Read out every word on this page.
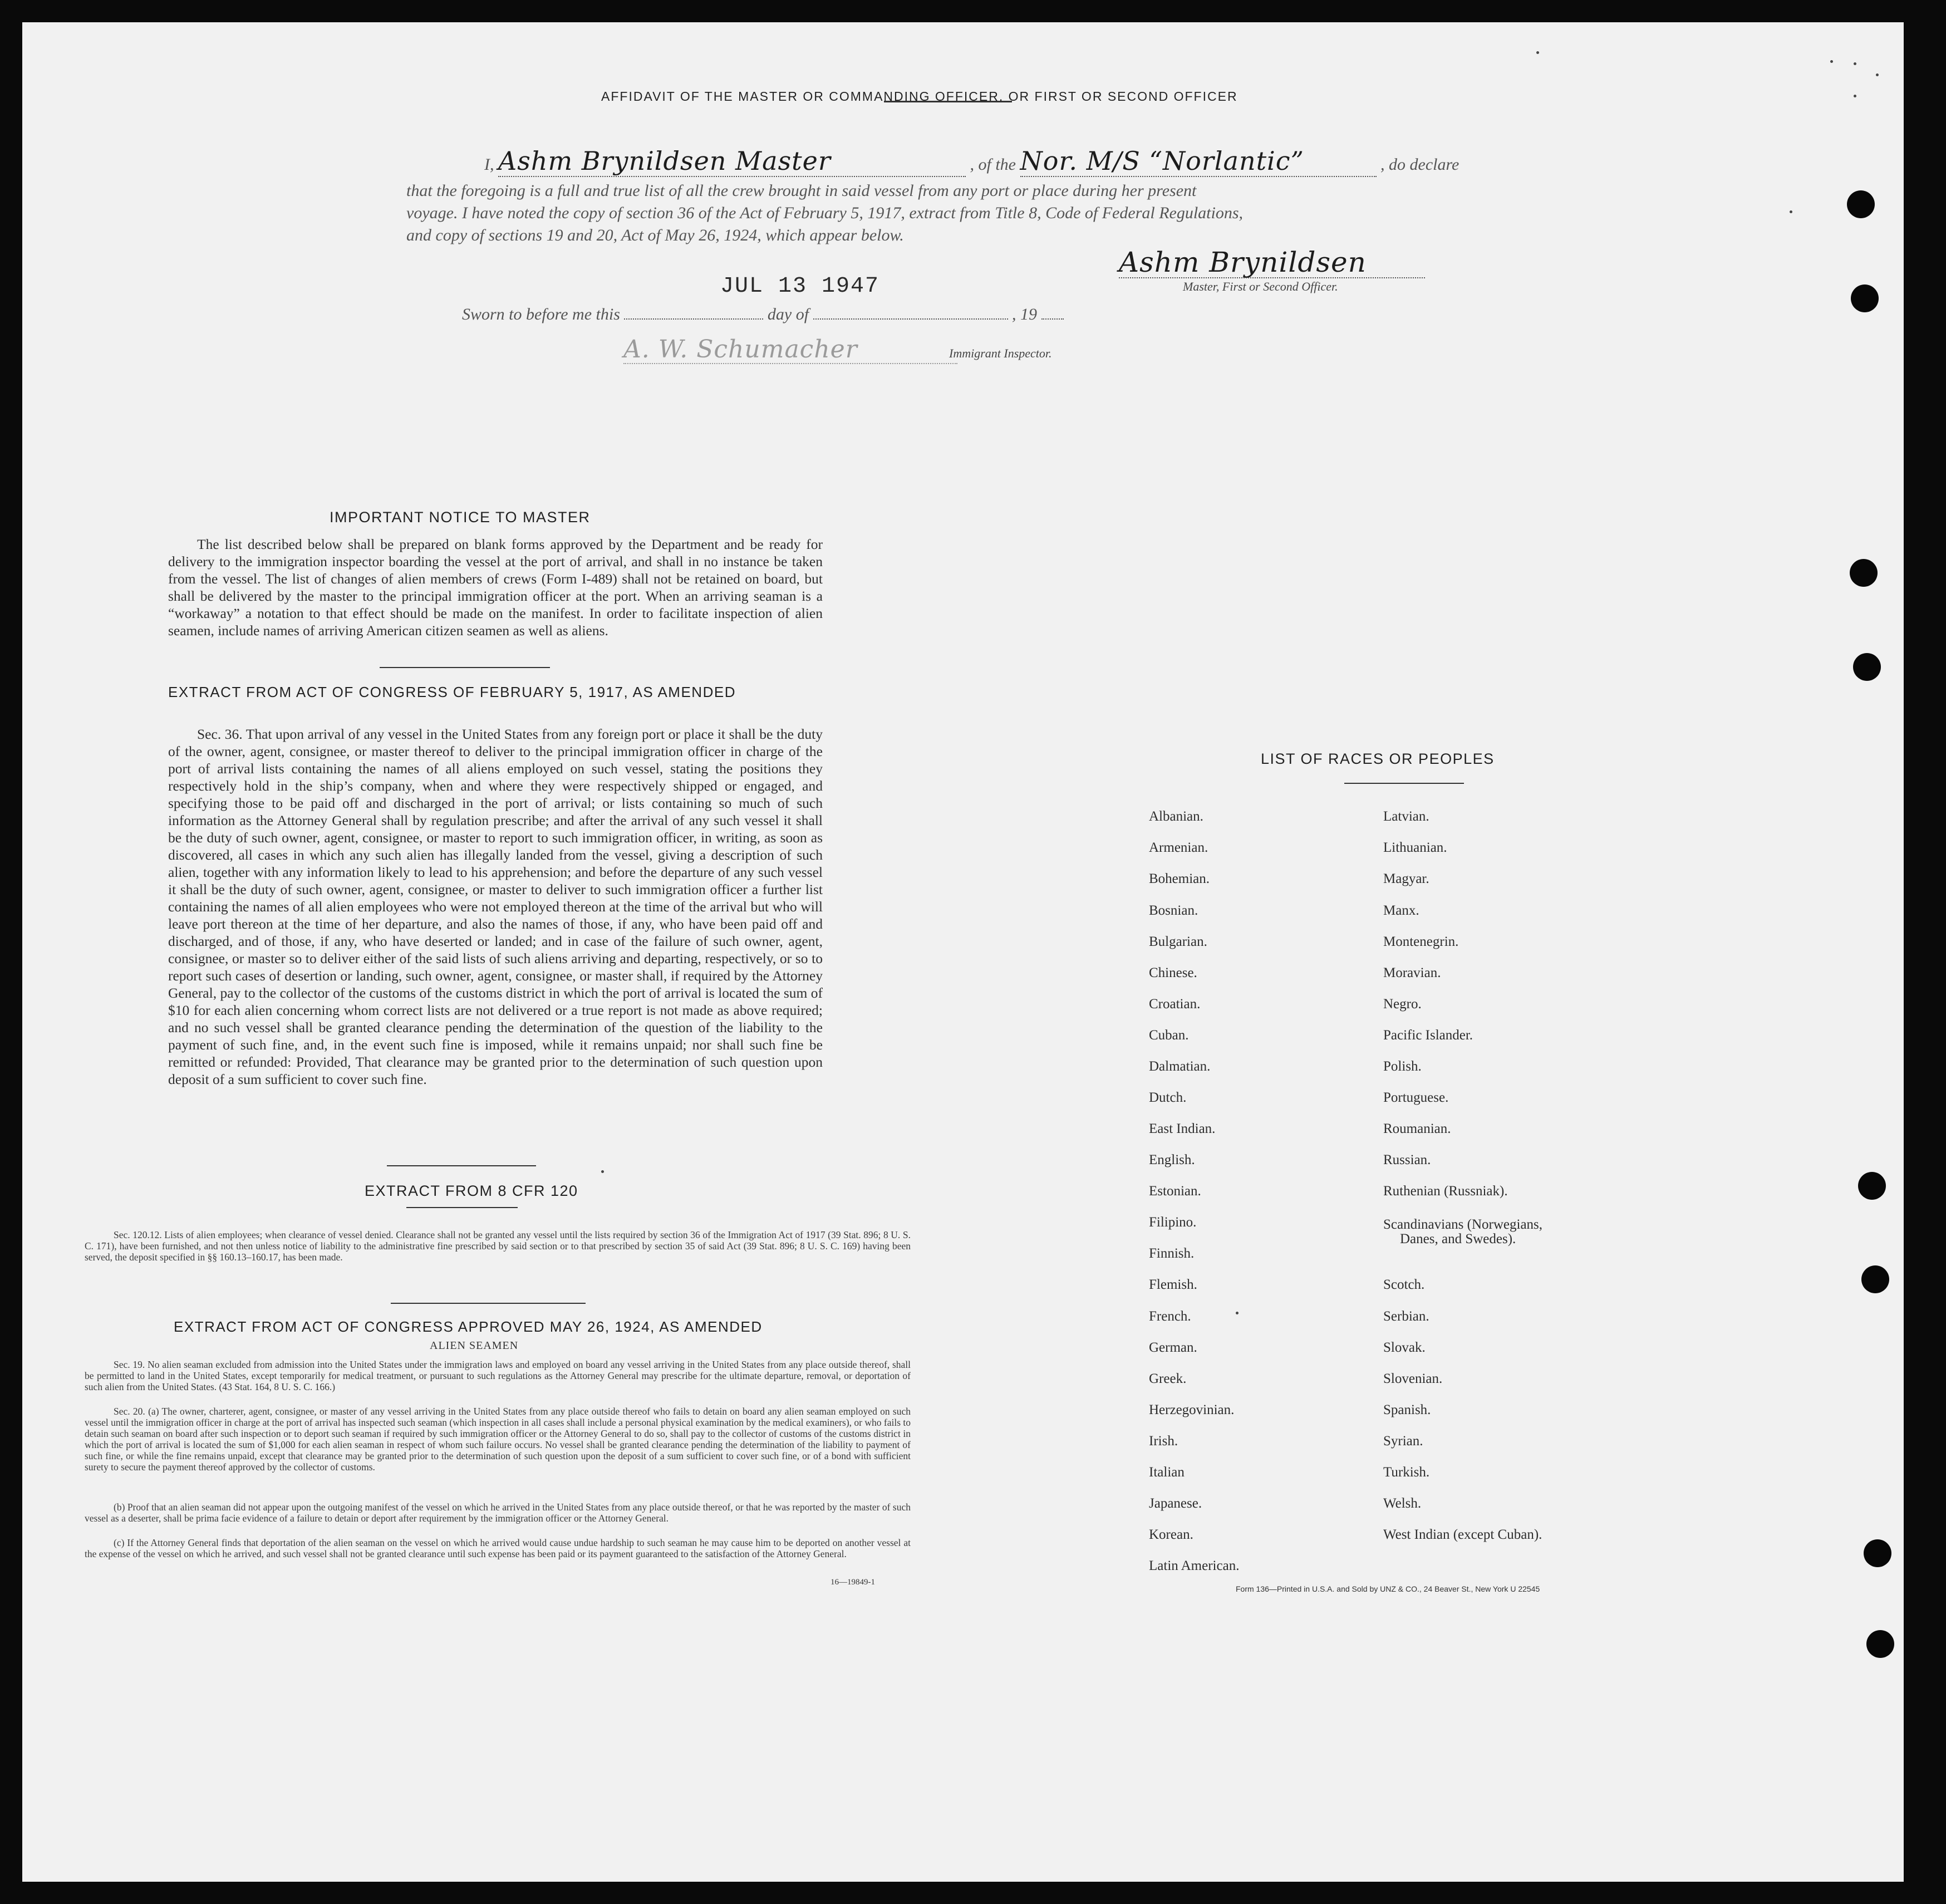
AFFIDAVIT OF THE MASTER OR COMMANDING OFFICER, OR FIRST OR SECOND OFFICER
I, Ashm Brynildsen Master	, of the Nor. M/S “Norlantic”	, do declare
that the foregoing is a full and true list of all the crew brought in said vessel from any port or place during her present
voyage. I have noted the copy of section 36 of the Act of February 5, 1917, extract from Title 8, Code of Federal Regulations,
and copy of sections 19 and 20, Act of May 26, 1924, which appear below.
Ashm Brynildsen
Master, First or Second Officer.
JUL 13 1947
Sworn to before me this	day of	, 19
A. W. Schumacher	Immigrant Inspector.
IMPORTANT NOTICE TO MASTER
The list described below shall be prepared on blank forms approved by the Department and be ready for delivery to the immigration inspector boarding the vessel at the port of arrival, and shall in no instance be taken from the vessel. The list of changes of alien members of crews (Form I-489) shall not be retained on board, but shall be delivered by the master to the principal immigration officer at the port. When an arriving seaman is a “workaway” a notation to that effect should be made on the manifest. In order to facilitate inspection of alien seamen, include names of arriving American citizen seamen as well as aliens.
EXTRACT FROM ACT OF CONGRESS OF FEBRUARY 5, 1917, AS AMENDED
Sec. 36. That upon arrival of any vessel in the United States from any foreign port or place it shall be the duty of the owner, agent, consignee, or master thereof to deliver to the principal immigration officer in charge of the port of arrival lists containing the names of all aliens employed on such vessel, stating the positions they respectively hold in the ship’s company, when and where they were respectively shipped or engaged, and specifying those to be paid off and discharged in the port of arrival; or lists containing so much of such information as the Attorney General shall by regulation prescribe; and after the arrival of any such vessel it shall be the duty of such owner, agent, consignee, or master to report to such immigration officer, in writing, as soon as discovered, all cases in which any such alien has illegally landed from the vessel, giving a description of such alien, together with any information likely to lead to his apprehension; and before the departure of any such vessel it shall be the duty of such owner, agent, consignee, or master to deliver to such immigration officer a further list containing the names of all alien employees who were not employed thereon at the time of the arrival but who will leave port thereon at the time of her departure, and also the names of those, if any, who have been paid off and discharged, and of those, if any, who have deserted or landed; and in case of the failure of such owner, agent, consignee, or master so to deliver either of the said lists of such aliens arriving and departing, respectively, or so to report such cases of desertion or landing, such owner, agent, consignee, or master shall, if required by the Attorney General, pay to the collector of the customs of the customs district in which the port of arrival is located the sum of $10 for each alien concerning whom correct lists are not delivered or a true report is not made as above required; and no such vessel shall be granted clearance pending the determination of the question of the liability to the payment of such fine, and, in the event such fine is imposed, while it remains unpaid; nor shall such fine be remitted or refunded: Provided, That clearance may be granted prior to the determination of such question upon deposit of a sum sufficient to cover such fine.
EXTRACT FROM 8 CFR 120
Sec. 120.12. Lists of alien employees; when clearance of vessel denied. Clearance shall not be granted any vessel until the lists required by section 36 of the Immigration Act of 1917 (39 Stat. 896; 8 U. S. C. 171), have been furnished, and not then unless notice of liability to the administrative fine prescribed by said section or to that prescribed by section 35 of said Act (39 Stat. 896; 8 U. S. C. 169) having been served, the deposit specified in §§ 160.13–160.17, has been made.
EXTRACT FROM ACT OF CONGRESS APPROVED MAY 26, 1924, AS AMENDED
ALIEN SEAMEN
Sec. 19. No alien seaman excluded from admission into the United States under the immigration laws and employed on board any vessel arriving in the United States from any place outside thereof, shall be permitted to land in the United States, except temporarily for medical treatment, or pursuant to such regulations as the Attorney General may prescribe for the ultimate departure, removal, or deportation of such alien from the United States. (43 Stat. 164, 8 U. S. C. 166.)
Sec. 20. (a) The owner, charterer, agent, consignee, or master of any vessel arriving in the United States from any place outside thereof who fails to detain on board any alien seaman employed on such vessel until the immigration officer in charge at the port of arrival has inspected such seaman (which inspection in all cases shall include a personal physical examination by the medical examiners), or who fails to detain such seaman on board after such inspection or to deport such seaman if required by such immigration officer or the Attorney General to do so, shall pay to the collector of customs of the customs district in which the port of arrival is located the sum of $1,000 for each alien seaman in respect of whom such failure occurs. No vessel shall be granted clearance pending the determination of the liability to payment of such fine, or while the fine remains unpaid, except that clearance may be granted prior to the determination of such question upon the deposit of a sum sufficient to cover such fine, or of a bond with sufficient surety to secure the payment thereof approved by the collector of customs.
(b) Proof that an alien seaman did not appear upon the outgoing manifest of the vessel on which he arrived in the United States from any place outside thereof, or that he was reported by the master of such vessel as a deserter, shall be prima facie evidence of a failure to detain or deport after requirement by the immigration officer or the Attorney General.
(c) If the Attorney General finds that deportation of the alien seaman on the vessel on which he arrived would cause undue hardship to such seaman he may cause him to be deported on another vessel at the expense of the vessel on which he arrived, and such vessel shall not be granted clearance until such expense has been paid or its payment guaranteed to the satisfaction of the Attorney General.
16—19849-1
LIST OF RACES OR PEOPLES
Albanian.
Armenian.
Bohemian.
Bosnian.
Bulgarian.
Chinese.
Croatian.
Cuban.
Dalmatian.
Dutch.
East Indian.
English.
Estonian.
Filipino.
Finnish.
Flemish.
French.
German.
Greek.
Herzegovinian.
Irish.
Italian
Japanese.
Korean.
Latin American.
Latvian.
Lithuanian.
Magyar.
Manx.
Montenegrin.
Moravian.
Negro.
Pacific Islander.
Polish.
Portuguese.
Roumanian.
Russian.
Ruthenian (Russniak).
Scandinavians (Norwegians,
Danes, and Swedes).
Scotch.
Serbian.
Slovak.
Slovenian.
Spanish.
Syrian.
Turkish.
Welsh.
West Indian (except Cuban).
Form 136—Printed in U.S.A. and Sold by UNZ & CO., 24 Beaver St., New York U 22545
